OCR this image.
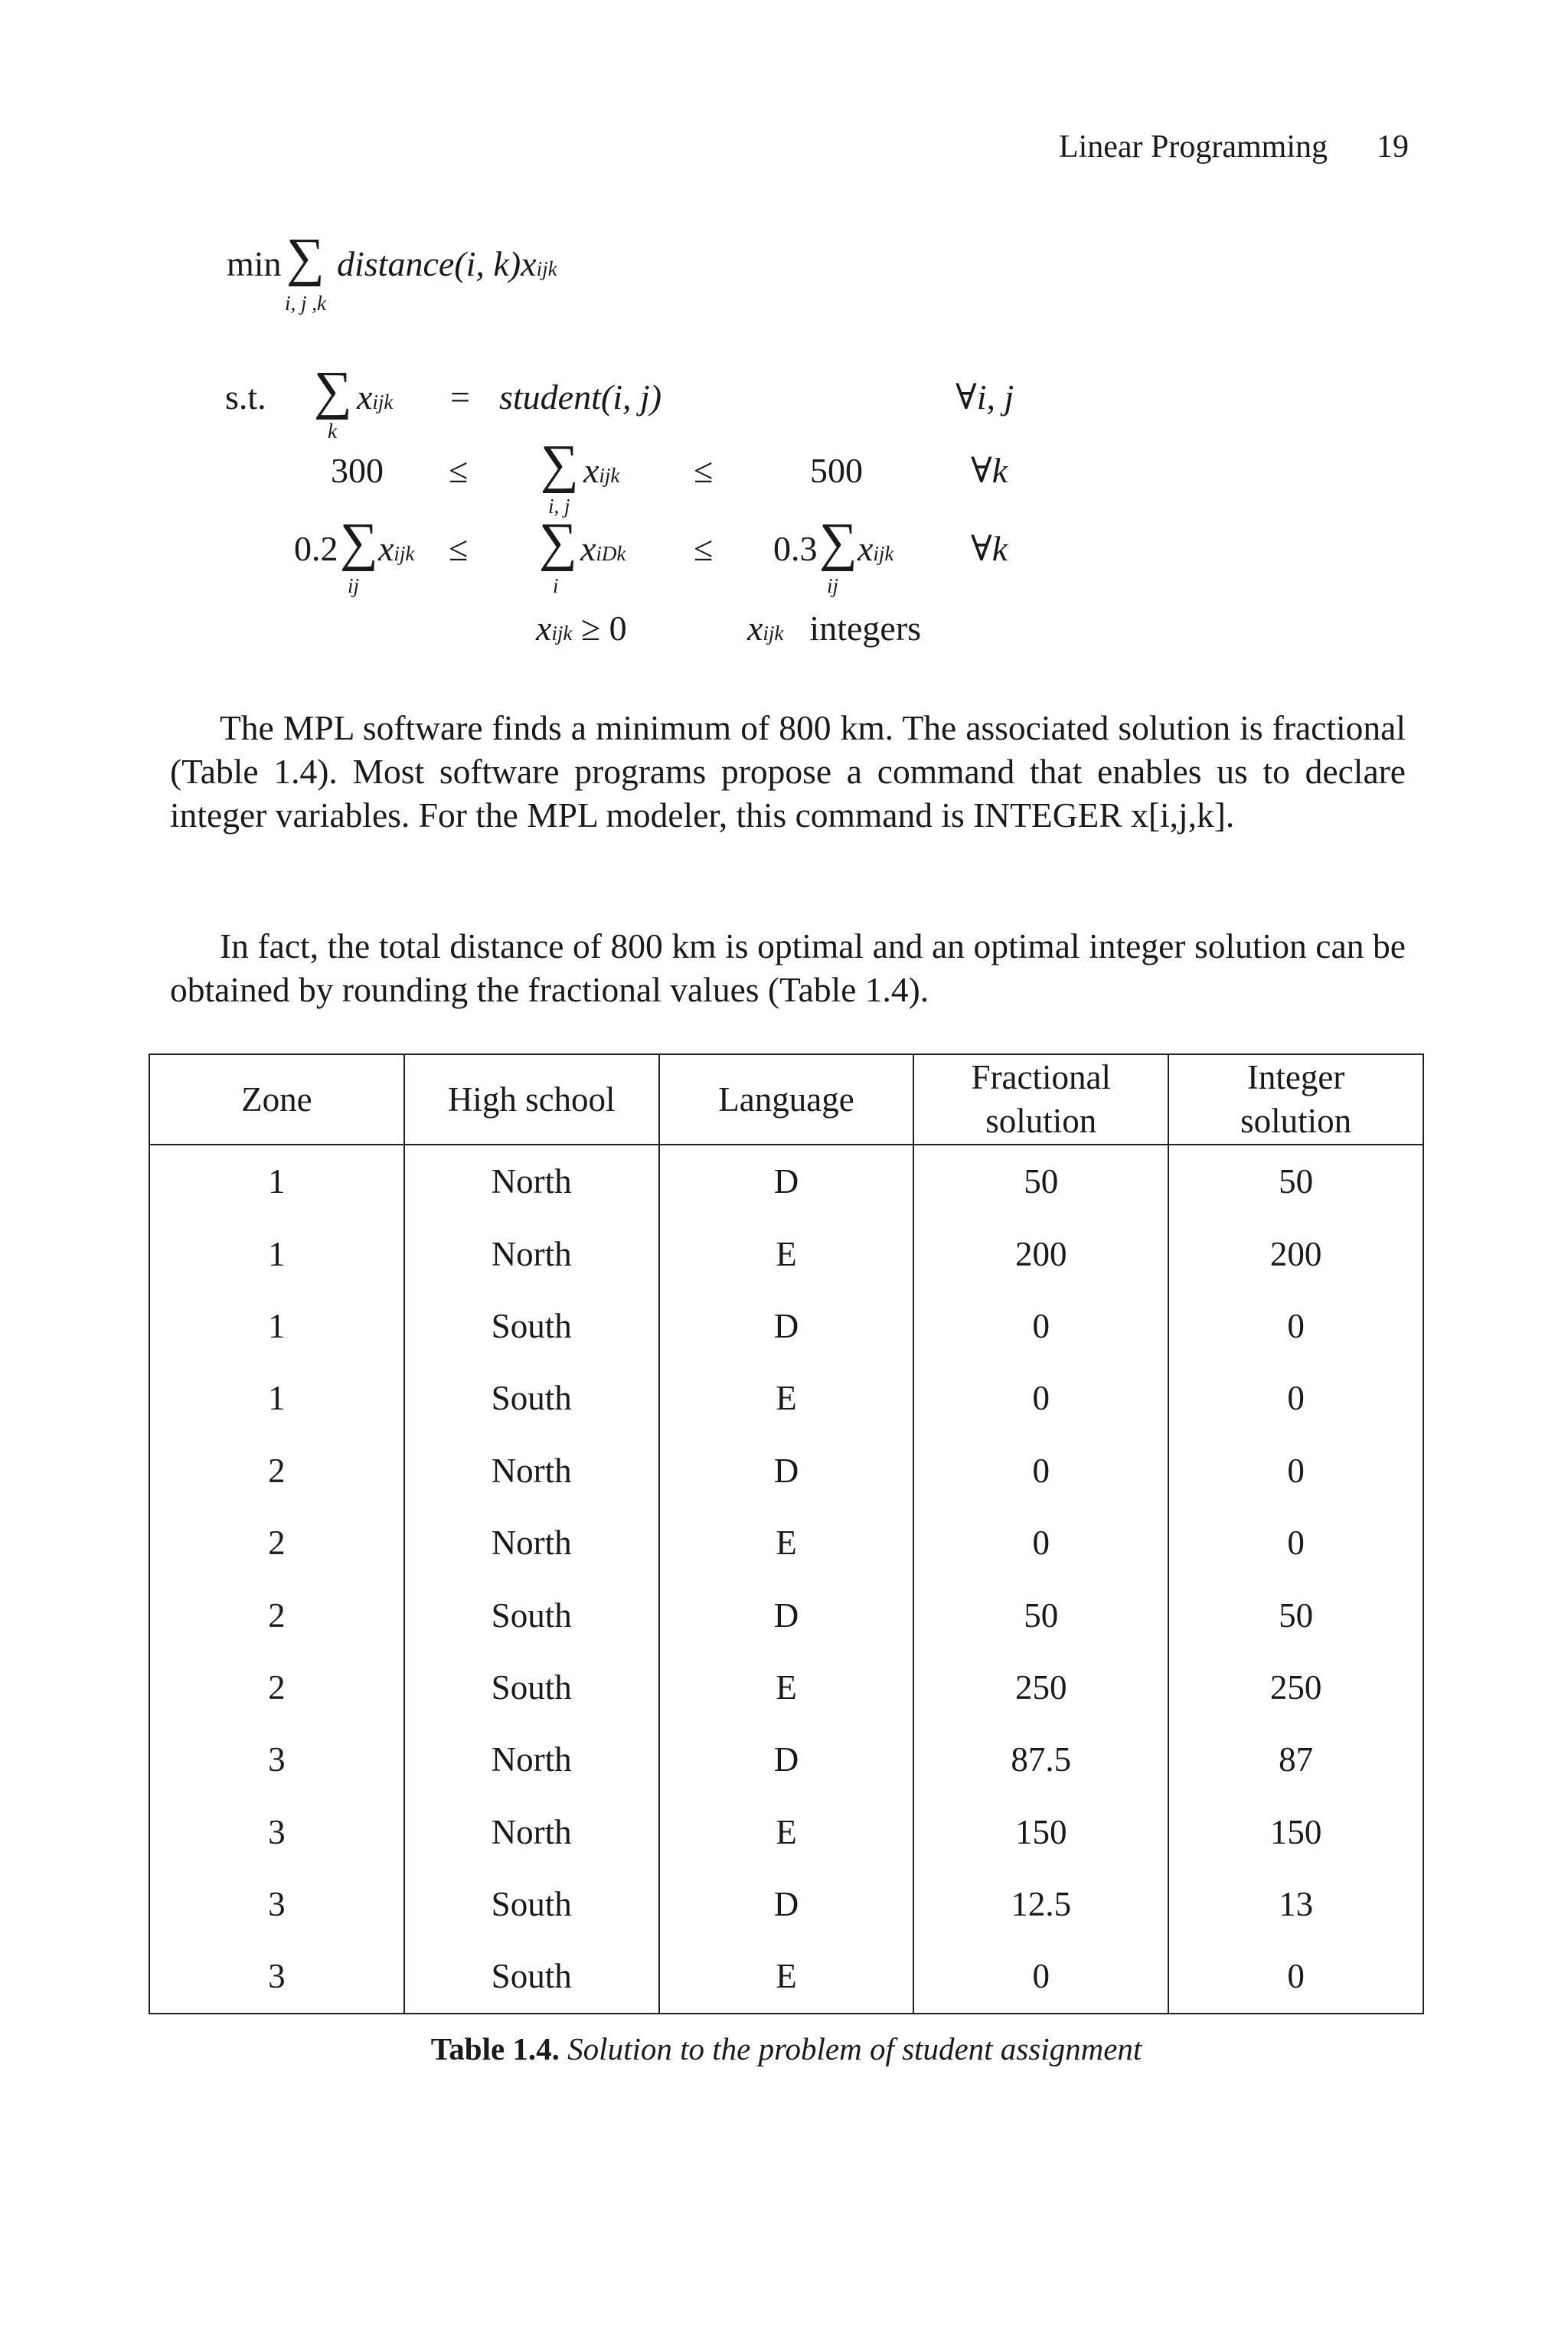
Linear Programming 19
min ∑
i, j ,k
distance(i, k)xijk
s.t. ∑
k
xijk = student(i, j)	∀i, j
300 ≤ ∑
i, j
xijk ≤	500	∀k
0.2 ∑
ij
xijk ≤ ∑
i
xiDk ≤ 0.3 ∑
ij
xijk ∀k
xijk ≥ 0	xijk integers
The MPL software finds a minimum of 800 km. The associated solution is fractional (Table 1.4). Most software programs propose a command that enables us to declare integer variables. For the MPL modeler, this command is INTEGER x[i,j,k].
In fact, the total distance of 800 km is optimal and an optimal integer solution can be obtained by rounding the fractional values (Table 1.4).
Zone	High school	Language	Fractional solution	Integer solution
1	North	D	50	50
1	North	E	200	200
1	South	D	0	0
1	South	E	0	0
2	North	D	0	0
2	North	E	0	0
2	South	D	50	50
2	South	E	250	250
3	North	D	87.5	87
3	North	E	150	150
3	South	D	12.5	13
3	South	E	0	0
Table 1.4. Solution to the problem of student assignment
